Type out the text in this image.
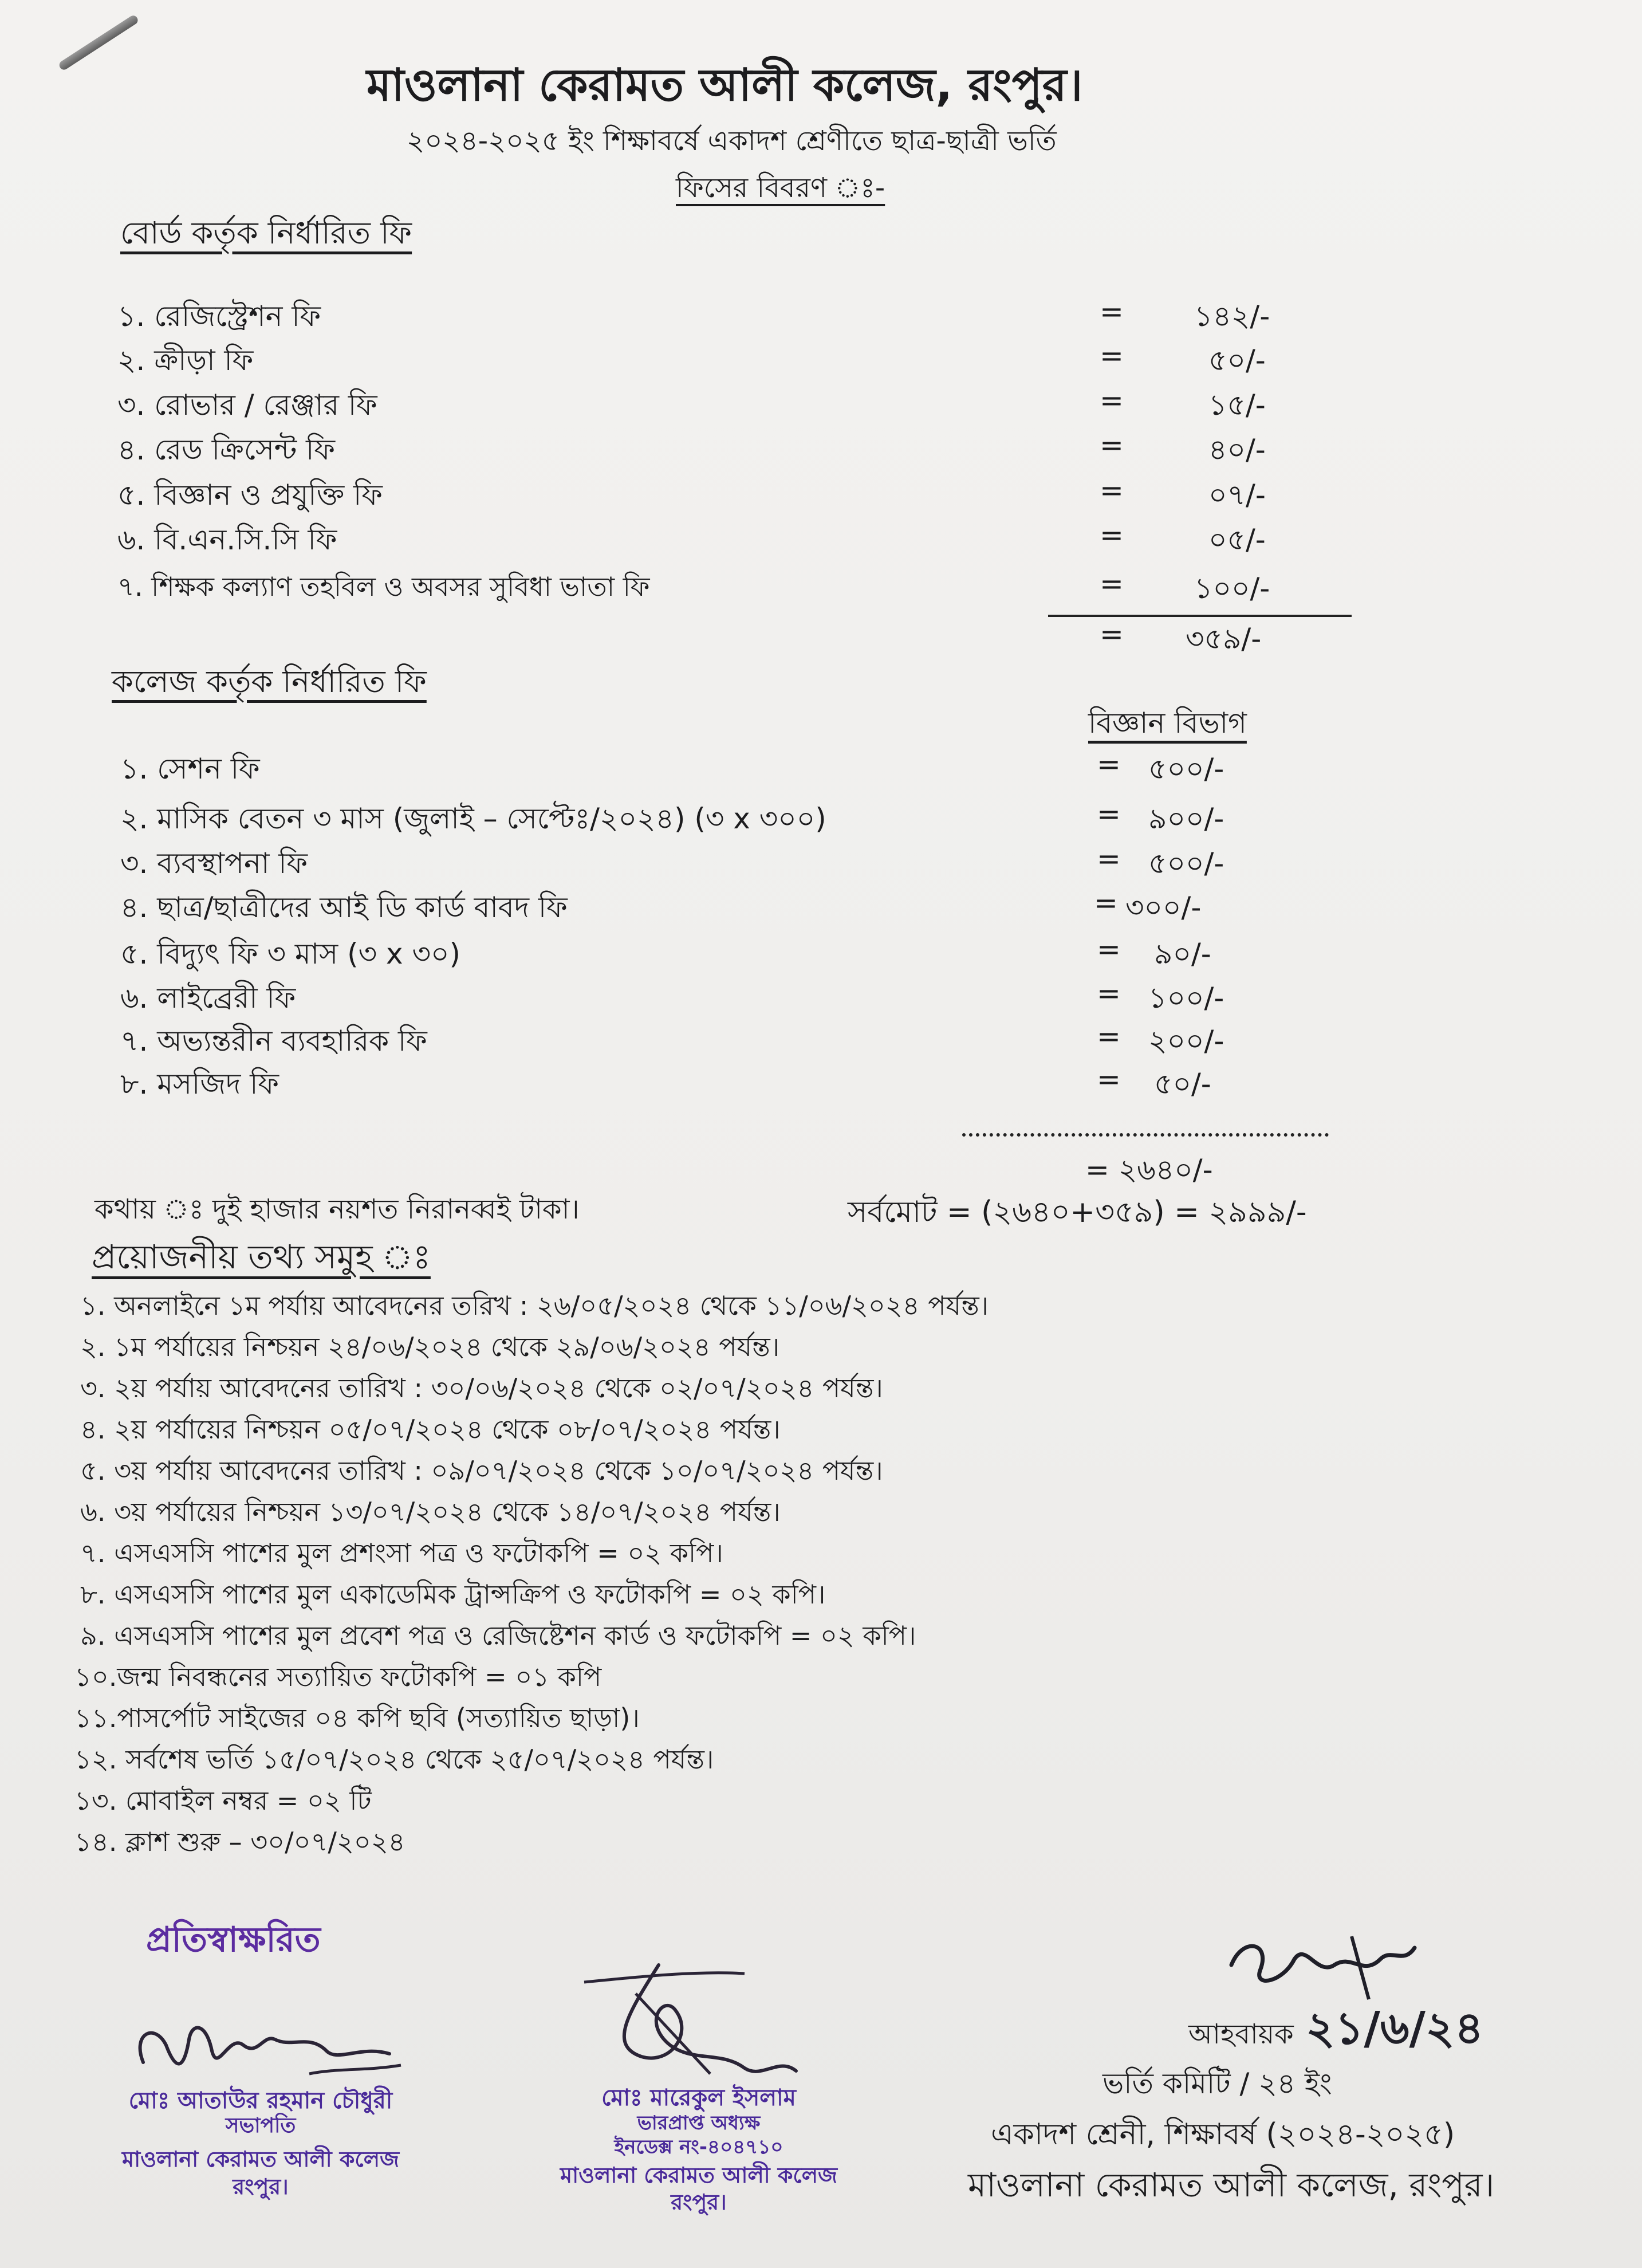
মাওলানা কেরামত আলী কলেজ, রংপুর।
২০২৪-২০২৫ ইং শিক্ষাবর্ষে একাদশ শ্রেণীতে ছাত্র-ছাত্রী ভর্তি
ফিসের বিবরণ ঃ-
বোর্ড কর্তৃক নির্ধারিত ফি
১. রেজিস্ট্রেশন ফি	= ১৪২/-
২. ক্রীড়া ফি	=	৫০/-
৩. রোভার / রেঞ্জার ফি	=	১৫/-
৪. রেড ক্রিসেন্ট ফি	=	৪০/-
৫. বিজ্ঞান ও প্রযুক্তি ফি	=	০৭/-
৬. বি.এন.সি.সি ফি	=	০৫/-
৭. শিক্ষক কল্যাণ তহবিল ও অবসর সুবিধা ভাতা ফি	= ১০০/-
= ৩৫৯/-
কলেজ কর্তৃক নির্ধারিত ফি
বিজ্ঞান বিভাগ
১. সেশন ফি	= ৫০০/-
২. মাসিক বেতন ৩ মাস (জুলাই – সেপ্টেঃ/২০২৪) (৩ x ৩০০)	= ৯০০/-
৩. ব্যবস্থাপনা ফি	= ৫০০/-
৪. ছাত্র/ছাত্রীদের আই ডি কার্ড বাবদ ফি	= ৩০০/-
৫. বিদ্যুৎ ফি ৩ মাস (৩ x ৩০)	= ৯০/-
৬. লাইব্রেরী ফি	= ১০০/-
৭. অভ্যন্তরীন ব্যবহারিক ফি	= ২০০/-
৮. মসজিদ ফি	= ৫০/-
= ২৬৪০/-
কথায় ঃ দুই হাজার নয়শত নিরানব্বই টাকা।	সর্বমোট = (২৬৪০+৩৫৯) = ২৯৯৯/-
প্রয়োজনীয় তথ্য সমুহ ঃ
১. অনলাইনে ১ম পর্যায় আবেদনের তরিখ : ২৬/০৫/২০২৪ থেকে ১১/০৬/২০২৪ পর্যন্ত।
২. ১ম পর্যায়ের নিশ্চয়ন ২৪/০৬/২০২৪ থেকে ২৯/০৬/২০২৪ পর্যন্ত।
৩. ২য় পর্যায় আবেদনের তারিখ : ৩০/০৬/২০২৪ থেকে ০২/০৭/২০২৪ পর্যন্ত।
৪. ২য় পর্যায়ের নিশ্চয়ন ০৫/০৭/২০২৪ থেকে ০৮/০৭/২০২৪ পর্যন্ত।
৫. ৩য় পর্যায় আবেদনের তারিখ : ০৯/০৭/২০২৪ থেকে ১০/০৭/২০২৪ পর্যন্ত।
৬. ৩য় পর্যায়ের নিশ্চয়ন ১৩/০৭/২০২৪ থেকে ১৪/০৭/২০২৪ পর্যন্ত।
৭. এসএসসি পাশের মুল প্রশংসা পত্র ও ফটোকপি = ০২ কপি।
৮. এসএসসি পাশের মুল একাডেমিক ট্রান্সক্রিপ ও ফটোকপি = ০২ কপি।
৯. এসএসসি পাশের মুল প্রবেশ পত্র ও রেজিষ্টেশন কার্ড ও ফটোকপি = ০২ কপি।
১০.জন্ম নিবন্ধনের সত্যায়িত ফটোকপি = ০১ কপি
১১.পাসর্পোট সাইজের ০৪ কপি ছবি (সত্যায়িত ছাড়া)।
১২. সর্বশেষ ভর্তি ১৫/০৭/২০২৪ থেকে ২৫/০৭/২০২৪ পর্যন্ত।
১৩. মোবাইল নম্বর = ০২ টি
১৪. ক্লাশ শুরু – ৩০/০৭/২০২৪
প্রতিস্বাক্ষরিত
মোঃ আতাউর রহমান চৌধুরী
সভাপতি
মাওলানা কেরামত আলী কলেজ
রংপুর।
মোঃ মারেকুল ইসলাম
ভারপ্রাপ্ত অধ্যক্ষ
ইনডেক্স নং-৪০৪৭১০
মাওলানা কেরামত আলী কলেজ
রংপুর।
আহবায়ক ২১/৬/২৪
ভর্তি কমিটি / ২৪ ইং
একাদশ শ্রেনী, শিক্ষাবর্ষ (২০২৪-২০২৫)
মাওলানা কেরামত আলী কলেজ, রংপুর।
